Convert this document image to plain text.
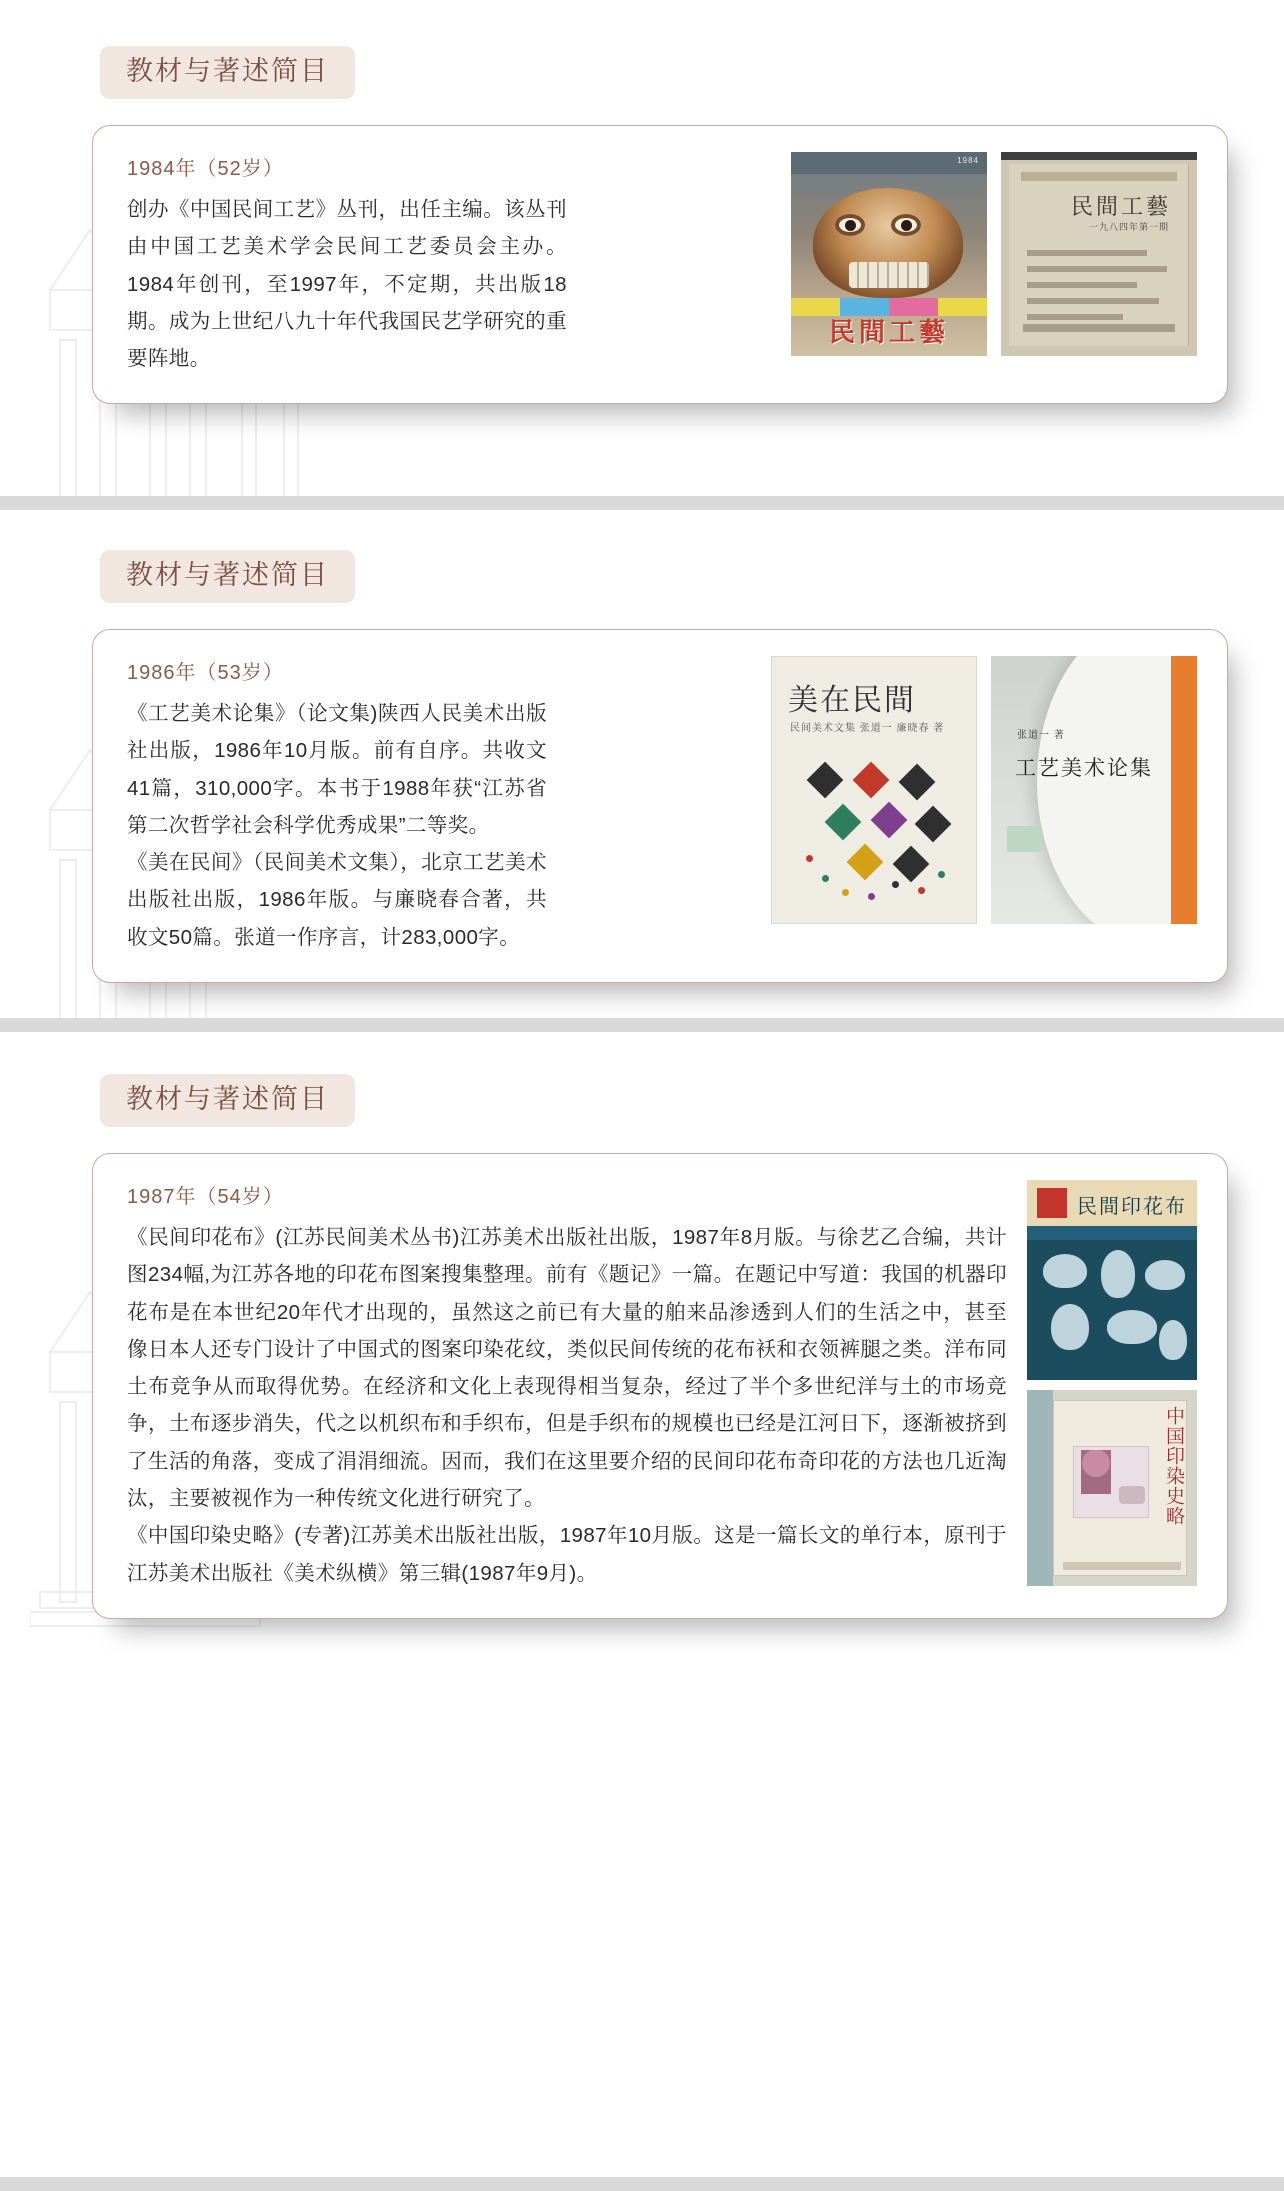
教材与著述简目
1984年（52岁）

创办《中国民间工艺》丛刊，出任主编。该丛刊由中国工艺美术学会民间工艺委员会主办。1984年创刊，至1997年，不定期，共出版18期。成为上世纪八九十年代我国民艺学研究的重要阵地。

1984
民間工藝
民間工藝
一九八四年第一期
教材与著述简目
1986年（53岁）

《工艺美术论集》（论文集)陕西人民美术出版社出版，1986年10月版。前有自序。共收文41篇，310,000字。本书于1988年获“江苏省第二次哲学社会科学优秀成果”二等奖。

《美在民间》（民间美术文集），北京工艺美术出版社出版，1986年版。与廉晓春合著，共收文50篇。张道一作序言，计283,000字。

美在民間
民间美术文集 张道一 廉晓春 著
张道一 著
工艺美术论集
教材与著述简目
1987年（54岁）

《民间印花布》(江苏民间美术丛书)江苏美术出版社出版，1987年8月版。与徐艺乙合编，共计图234幅,为江苏各地的印花布图案搜集整理。前有《题记》一篇。在题记中写道：我国的机器印花布是在本世纪20年代才出现的，虽然这之前已有大量的舶来品渗透到人们的生活之中，甚至像日本人还专门设计了中国式的图案印染花纹，类似民间传统的花布袄和衣领裤腿之类。洋布同土布竞争从而取得优势。在经济和文化上表现得相当复杂，经过了半个多世纪洋与土的市场竞争，土布逐步消失，代之以机织布和手织布，但是手织布的规模也已经是江河日下，逐渐被挤到了生活的角落，变成了涓涓细流。因而，我们在这里要介绍的民间印花布奇印花的方法也几近淘汰，主要被视作为一种传统文化进行研究了。

《中国印染史略》(专著)江苏美术出版社出版，1987年10月版。这是一篇长文的单行本，原刊于江苏美术出版社《美术纵横》第三辑(1987年9月)。

民間印花布
中国印染史略
